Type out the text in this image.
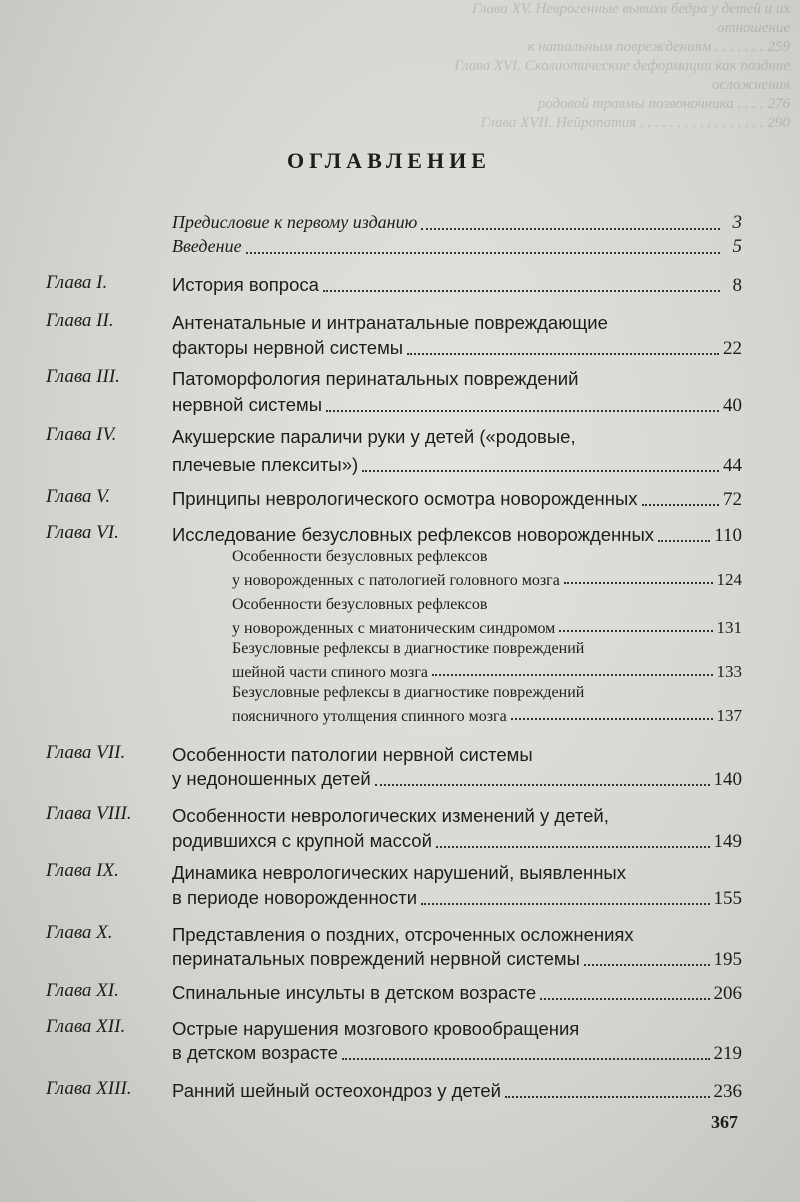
Глава XV. Неврогенные вывихи бедра у детей и их отношение
к натальным повреждениям . . . . . . . 259
Глава XVI. Сколиотические деформации как поздние осложнения
родовой травмы позвоночника . . . . 276
Глава XVII. Нейропатия . . . . . . . . . . . . . . . . . 290
ОГЛАВЛЕНИЕ
Предисловие к первому изданию	3
Введение	5
Глава I.	История вопроса	8
Глава II.	Антенатальные и интранатальные повреждающие
факторы нервной системы	22
Глава III.	Патоморфология перинатальных повреждений
нервной системы	40
Глава IV.	Акушерские параличи руки у детей («родовые,
плечевые плекситы»)	44
Глава V.	Принципы неврологического осмотра новорожденных	72
Глава VI.	Исследование безусловных рефлексов новорожденных	110
Особенности безусловных рефлексов
у новорожденных с патологией головного мозга	124
Особенности безусловных рефлексов
у новорожденных с миатоническим синдромом	131
Безусловные рефлексы в диагностике повреждений
шейной части спиного мозга	133
Безусловные рефлексы в диагностике повреждений
поясничного утолщения спинного мозга	137
Глава VII.	Особенности патологии нервной системы
у недоношенных детей	140
Глава VIII. Особенности неврологических изменений у детей,
родившихся с крупной массой	149
Глава IX.	Динамика неврологических нарушений, выявленных
в периоде новорожденности	155
Глава X.	Представления о поздних, отсроченных осложнениях
перинатальных повреждений нервной системы	195
Глава XI.	Спинальные инсульты в детском возрасте	206
Глава XII.	Острые нарушения мозгового кровообращения
в детском возрасте	219
Глава XIII. Ранний шейный остеохондроз у детей	236
367
